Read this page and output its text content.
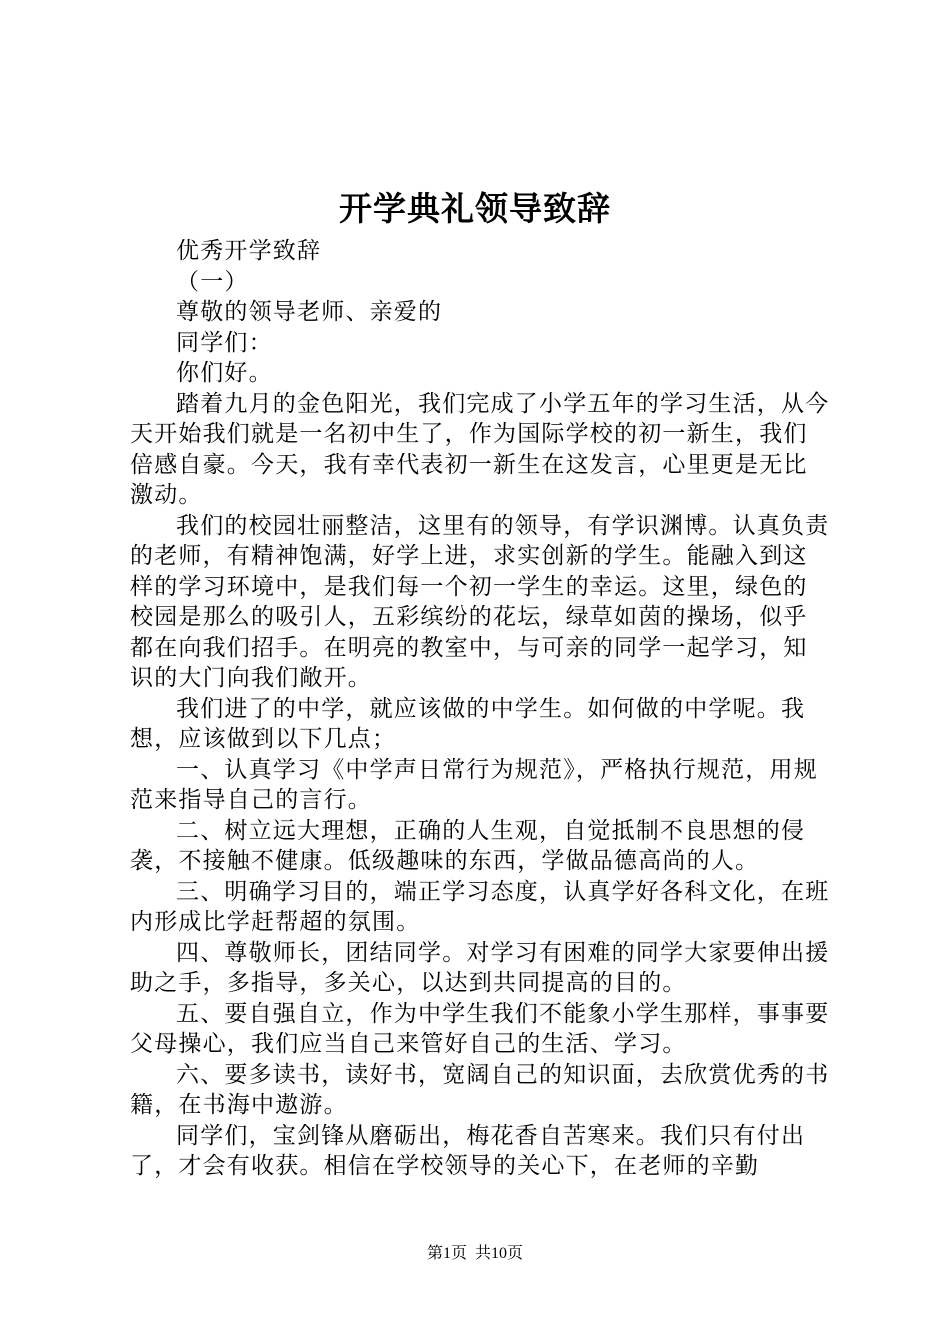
开学典礼领导致辞

优秀开学致辞

（一）

尊敬的领导老师、亲爱的

同学们：

你们好。

踏着九月的金色阳光，我们完成了小学五年的学习生活，从今天开始我们就是一名初中生了，作为国际学校的初一新生，我们倍感自豪。今天，我有幸代表初一新生在这发言，心里更是无比激动。

我们的校园壮丽整洁，这里有的领导，有学识渊博。认真负责的老师，有精神饱满，好学上进，求实创新的学生。能融入到这样的学习环境中，是我们每一个初一学生的幸运。这里，绿色的校园是那么的吸引人，五彩缤纷的花坛，绿草如茵的操场，似乎都在向我们招手。在明亮的教室中，与可亲的同学一起学习，知识的大门向我们敞开。

我们进了的中学，就应该做的中学生。如何做的中学呢。我想，应该做到以下几点；

一、认真学习《中学声日常行为规范》，严格执行规范，用规范来指导自己的言行。

二、树立远大理想，正确的人生观，自觉抵制不良思想的侵袭，不接触不健康。低级趣味的东西，学做品德高尚的人。

三、明确学习目的，端正学习态度，认真学好各科文化，在班内形成比学赶帮超的氛围。

四、尊敬师长，团结同学。对学习有困难的同学大家要伸出援助之手，多指导，多关心，以达到共同提高的目的。

五、要自强自立，作为中学生我们不能象小学生那样，事事要父母操心，我们应当自己来管好自己的生活、学习。

六、要多读书，读好书，宽阔自己的知识面，去欣赏优秀的书籍，在书海中遨游。

同学们，宝剑锋从磨砺出，梅花香自苦寒来。我们只有付出了，才会有收获。相信在学校领导的关心下，在老师的辛勤

第1页 共10页
